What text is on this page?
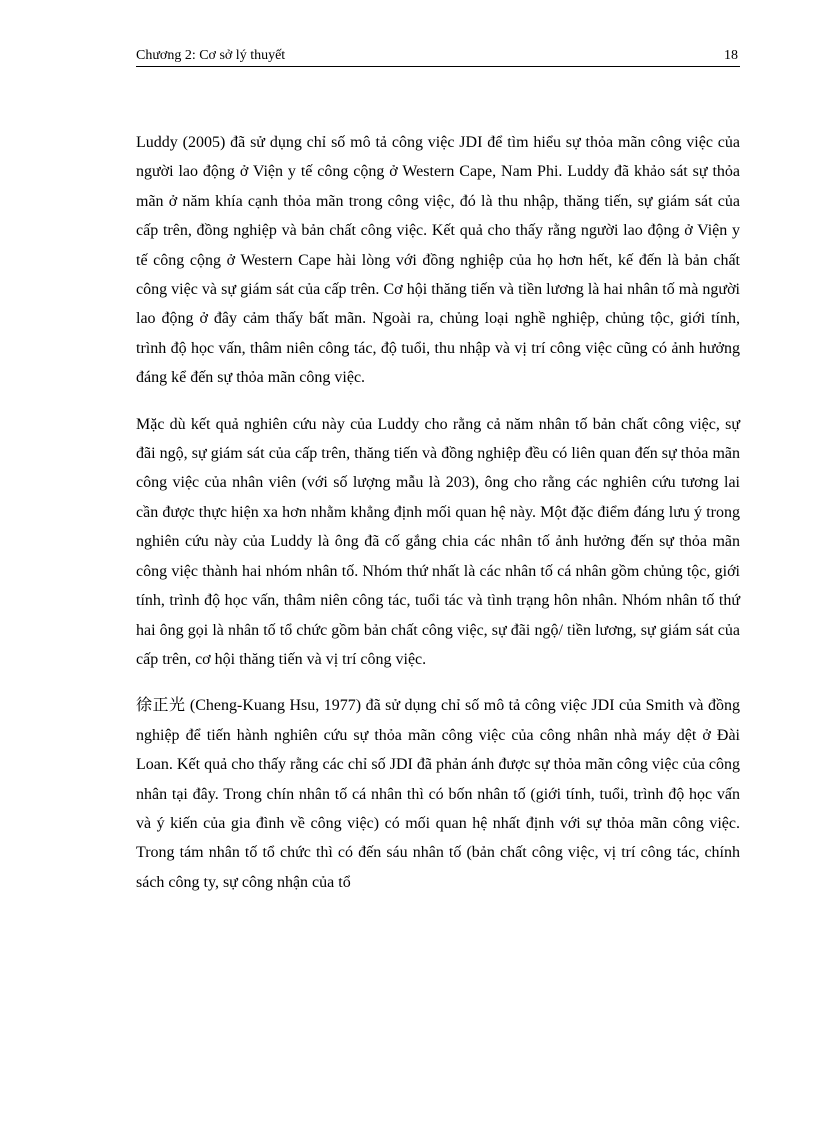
Chương 2: Cơ sở lý thuyết	18

Luddy (2005) đã sử dụng chỉ số mô tả công việc JDI để tìm hiểu sự thỏa mãn công việc của người lao động ở Viện y tế công cộng ở Western Cape, Nam Phi. Luddy đã khảo sát sự thỏa mãn ở năm khía cạnh thỏa mãn trong công việc, đó là thu nhập, thăng tiến, sự giám sát của cấp trên, đồng nghiệp và bản chất công việc. Kết quả cho thấy rằng người lao động ở Viện y tế công cộng ở Western Cape hài lòng với đồng nghiệp của họ hơn hết, kế đến là bản chất công việc và sự giám sát của cấp trên. Cơ hội thăng tiến và tiền lương là hai nhân tố mà người lao động ở đây cảm thấy bất mãn. Ngoài ra, chủng loại nghề nghiệp, chủng tộc, giới tính, trình độ học vấn, thâm niên công tác, độ tuổi, thu nhập và vị trí công việc cũng có ảnh hưởng đáng kể đến sự thỏa mãn công việc.

Mặc dù kết quả nghiên cứu này của Luddy cho rằng cả năm nhân tố bản chất công việc, sự đãi ngộ, sự giám sát của cấp trên, thăng tiến và đồng nghiệp đều có liên quan đến sự thỏa mãn công việc của nhân viên (với số lượng mẫu là 203), ông cho rằng các nghiên cứu tương lai cần được thực hiện xa hơn nhằm khẳng định mối quan hệ này. Một đặc điểm đáng lưu ý trong nghiên cứu này của Luddy là ông đã cố gắng chia các nhân tố ảnh hưởng đến sự thỏa mãn công việc thành hai nhóm nhân tố. Nhóm thứ nhất là các nhân tố cá nhân gồm chủng tộc, giới tính, trình độ học vấn, thâm niên công tác, tuổi tác và tình trạng hôn nhân. Nhóm nhân tố thứ hai ông gọi là nhân tố tổ chức gồm bản chất công việc, sự đãi ngộ/ tiền lương, sự giám sát của cấp trên, cơ hội thăng tiến và vị trí công việc.

徐正光 (Cheng-Kuang Hsu, 1977) đã sử dụng chỉ số mô tả công việc JDI của Smith và đồng nghiệp để tiến hành nghiên cứu sự thỏa mãn công việc của công nhân nhà máy dệt ở Đài Loan. Kết quả cho thấy rằng các chỉ số JDI đã phản ánh được sự thỏa mãn công việc của công nhân tại đây. Trong chín nhân tố cá nhân thì có bốn nhân tố (giới tính, tuổi, trình độ học vấn và ý kiến của gia đình về công việc) có mối quan hệ nhất định với sự thỏa mãn công việc. Trong tám nhân tố tổ chức thì có đến sáu nhân tố (bản chất công việc, vị trí công tác, chính sách công ty, sự công nhận của tổ
